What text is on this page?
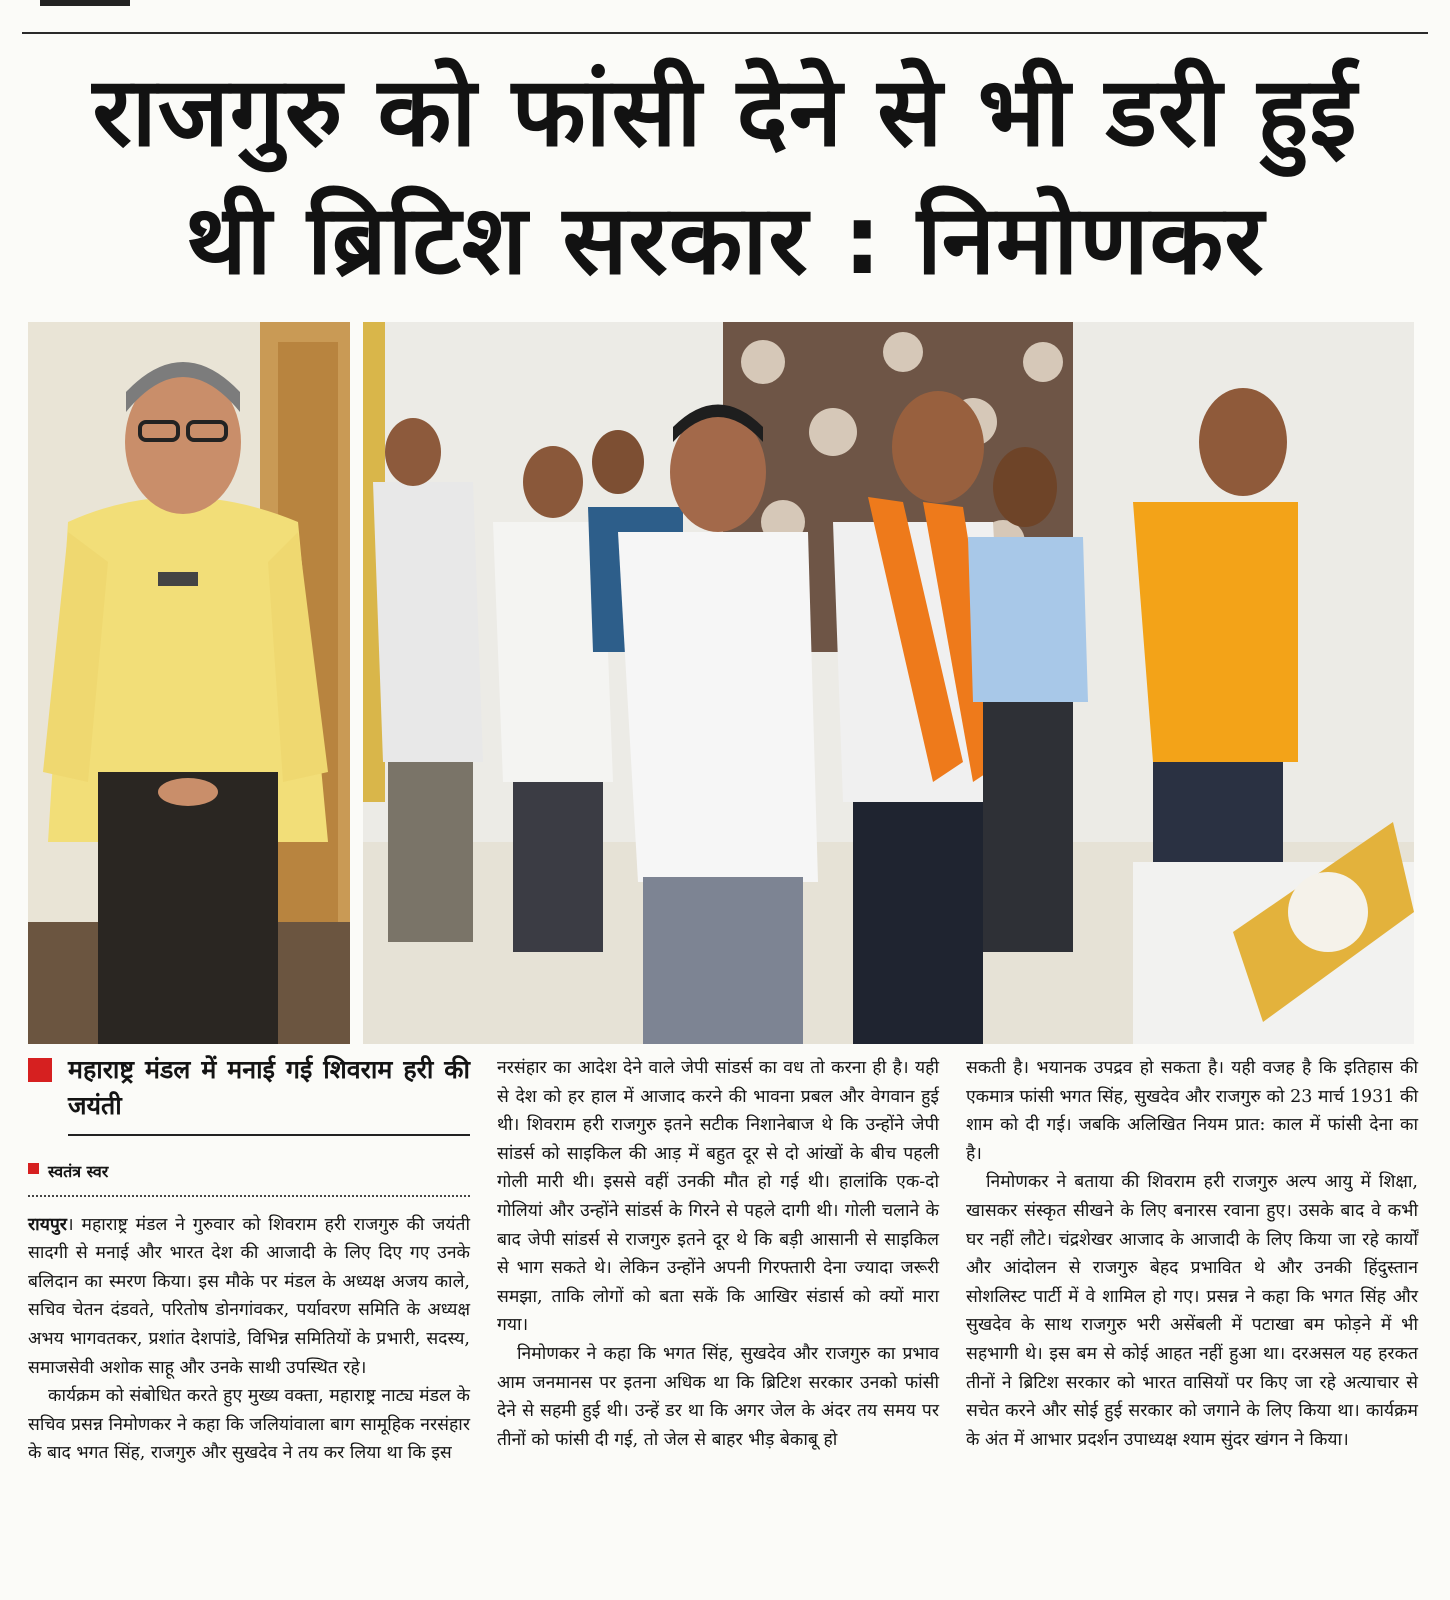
राजगुरु को फांसी देने से भी डरी हुई
थी ब्रिटिश सरकार : निमोणकर
महाराष्ट्र मंडल में मनाई गई शिवराम हरी की जयंती
स्वतंत्र स्वर

रायपुर। महाराष्ट्र मंडल ने गुरुवार को शिवराम हरी राजगुरु की जयंती सादगी से मनाई और भारत देश की आजादी के लिए दिए गए उनके बलिदान का स्मरण किया। इस मौके पर मंडल के अध्यक्ष अजय काले, सचिव चेतन दंडवते, परितोष डोनगांवकर, पर्यावरण समिति के अध्यक्ष अभय भागवतकर, प्रशांत देशपांडे, विभिन्न समितियों के प्रभारी, सदस्य, समाजसेवी अशोक साहू और उनके साथी उपस्थित रहे।

कार्यक्रम को संबोधित करते हुए मुख्य वक्ता, महाराष्ट्र नाट्य मंडल के सचिव प्रसन्न निमोणकर ने कहा कि जलियांवाला बाग सामूहिक नरसंहार के बाद भगत सिंह, राजगुरु और सुखदेव ने तय कर लिया था कि इस

नरसंहार का आदेश देने वाले जेपी सांडर्स का वध तो करना ही है। यही से देश को हर हाल में आजाद करने की भावना प्रबल और वेगवान हुई थी। शिवराम हरी राजगुरु इतने सटीक निशानेबाज थे कि उन्होंने जेपी सांडर्स को साइकिल की आड़ में बहुत दूर से दो आंखों के बीच पहली गोली मारी थी। इससे वहीं उनकी मौत हो गई थी। हालांकि एक-दो गोलियां और उन्होंने सांडर्स के गिरने से पहले दागी थी। गोली चलाने के बाद जेपी सांडर्स से राजगुरु इतने दूर थे कि बड़ी आसानी से साइकिल से भाग सकते थे। लेकिन उन्होंने अपनी गिरफ्तारी देना ज्यादा जरूरी समझा, ताकि लोगों को बता सकें कि आखिर संडार्स को क्यों मारा गया।

निमोणकर ने कहा कि भगत सिंह, सुखदेव और राजगुरु का प्रभाव आम जनमानस पर इतना अधिक था कि ब्रिटिश सरकार उनको फांसी देने से सहमी हुई थी। उन्हें डर था कि अगर जेल के अंदर तय समय पर तीनों को फांसी दी गई, तो जेल से बाहर भीड़ बेकाबू हो

सकती है। भयानक उपद्रव हो सकता है। यही वजह है कि इतिहास की एकमात्र फांसी भगत सिंह, सुखदेव और राजगुरु को 23 मार्च 1931 की शाम को दी गई। जबकि अलिखित नियम प्रात: काल में फांसी देना का है।

निमोणकर ने बताया की शिवराम हरी राजगुरु अल्प आयु में शिक्षा, खासकर संस्कृत सीखने के लिए बनारस रवाना हुए। उसके बाद वे कभी घर नहीं लौटे। चंद्रशेखर आजाद के आजादी के लिए किया जा रहे कार्यों और आंदोलन से राजगुरु बेहद प्रभावित थे और उनकी हिंदुस्तान सोशलिस्ट पार्टी में वे शामिल हो गए। प्रसन्न ने कहा कि भगत सिंह और सुखदेव के साथ राजगुरु भरी असेंबली में पटाखा बम फोड़ने में भी सहभागी थे। इस बम से कोई आहत नहीं हुआ था। दरअसल यह हरकत तीनों ने ब्रिटिश सरकार को भारत वासियों पर किए जा रहे अत्याचार से सचेत करने और सोई हुई सरकार को जगाने के लिए किया था। कार्यक्रम के अंत में आभार प्रदर्शन उपाध्यक्ष श्याम सुंदर खंगन ने किया।
